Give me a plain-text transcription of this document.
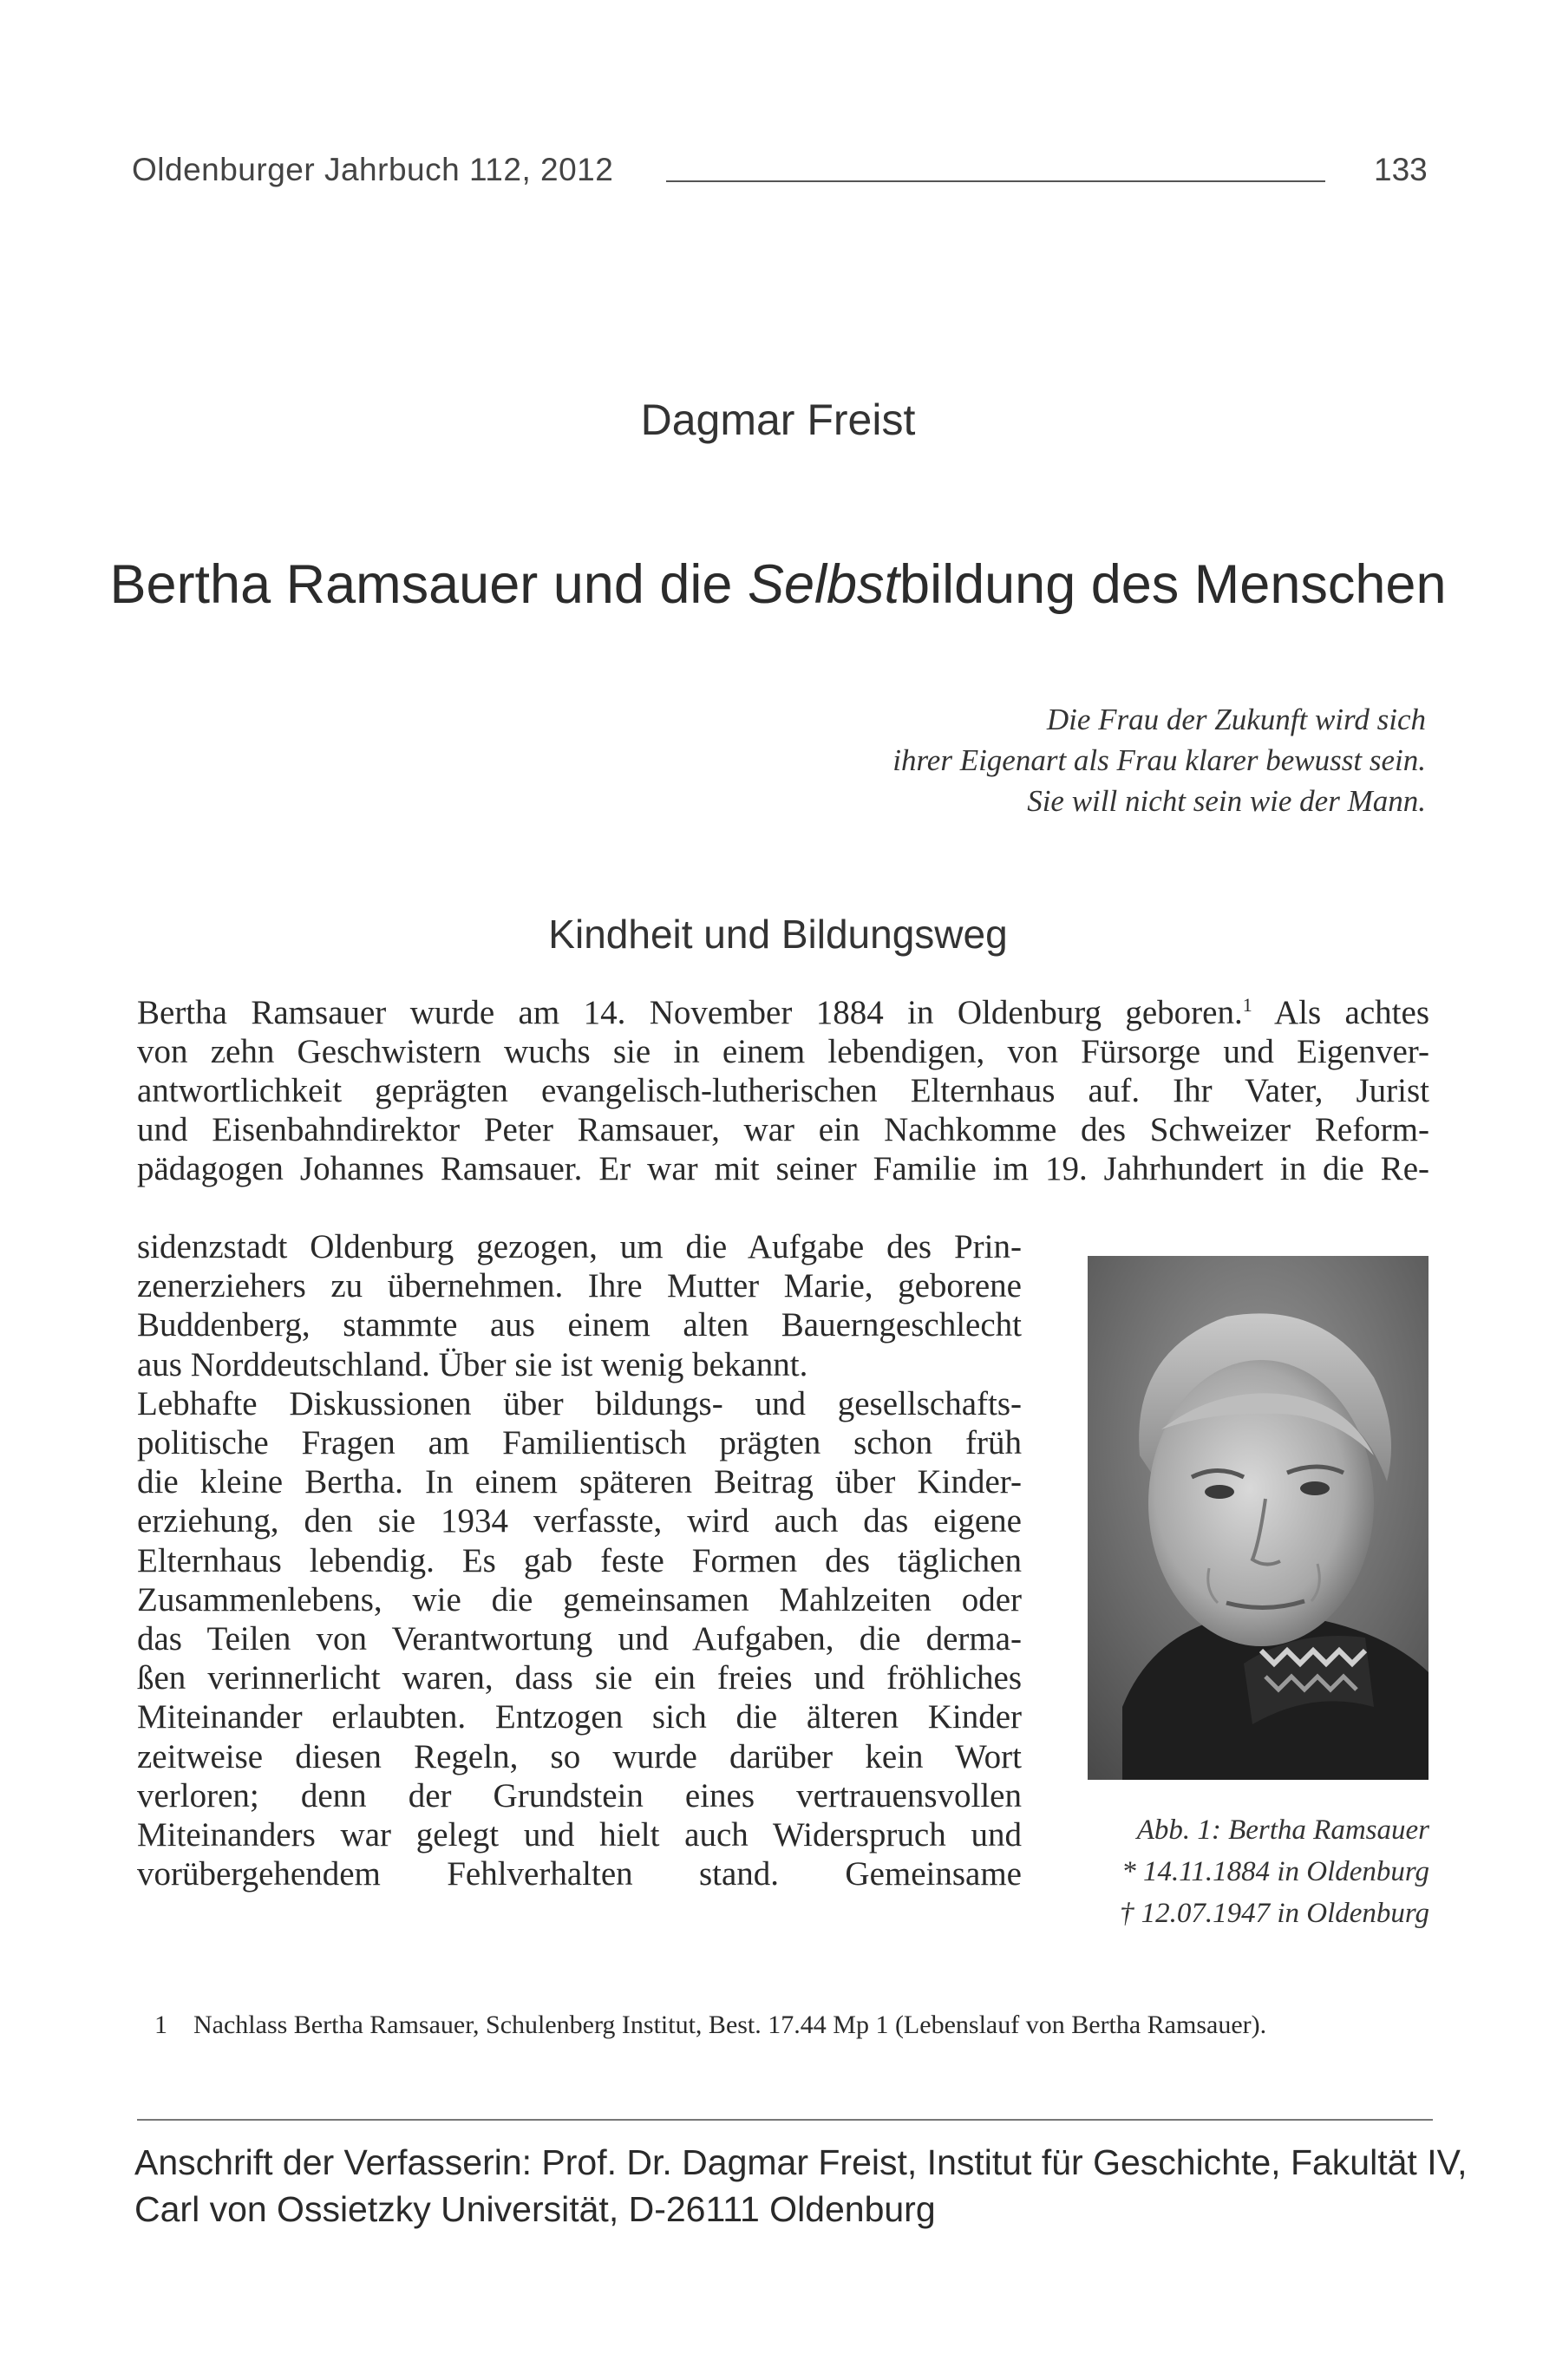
Oldenburger Jahrbuch 112, 2012	133
Dagmar Freist
Bertha Ramsauer und die Selbstbildung des Menschen
Die Frau der Zukunft wird sich
ihrer Eigenart als Frau klarer bewusst sein.
Sie will nicht sein wie der Mann.
Kindheit und Bildungsweg
Bertha Ramsauer wurde am 14. November 1884 in Oldenburg geboren.$^1$ Als achtes
von zehn Geschwistern wuchs sie in einem lebendigen, von Fürsorge und Eigenver-
antwortlichkeit geprägten evangelisch-lutherischen Elternhaus auf. Ihr Vater, Jurist
und Eisenbahndirektor Peter Ramsauer, war ein Nachkomme des Schweizer Reform-
pädagogen Johannes Ramsauer. Er war mit seiner Familie im 19. Jahrhundert in die Re-
sidenzstadt Oldenburg gezogen, um die Aufgabe des Prin-
zenerziehers zu übernehmen. Ihre Mutter Marie, geborene
Buddenberg, stammte aus einem alten Bauerngeschlecht
aus Norddeutschland. Über sie ist wenig bekannt.
Lebhafte Diskussionen über bildungs- und gesellschafts-
politische Fragen am Familientisch prägten schon früh
die kleine Bertha. In einem späteren Beitrag über Kinder-
erziehung, den sie 1934 verfasste, wird auch das eigene
Elternhaus lebendig. Es gab feste Formen des täglichen
Zusammenlebens, wie die gemeinsamen Mahlzeiten oder
das Teilen von Verantwortung und Aufgaben, die derma-
ßen verinnerlicht waren, dass sie ein freies und fröhliches
Miteinander erlaubten. Entzogen sich die älteren Kinder
zeitweise diesen Regeln, so wurde darüber kein Wort
verloren; denn der Grundstein eines vertrauensvollen
Miteinanders war gelegt und hielt auch Widerspruch und
vorübergehendem Fehlverhalten stand. Gemeinsame
Abb. 1: Bertha Ramsauer
* 14.11.1884 in Oldenburg
† 12.07.1947 in Oldenburg
1 Nachlass Bertha Ramsauer, Schulenberg Institut, Best. 17.44 Mp 1 (Lebenslauf von Bertha Ramsauer).
Anschrift der Verfasserin: Prof. Dr. Dagmar Freist, Institut für Geschichte, Fakultät IV,
Carl von Ossietzky Universität, D-26111 Oldenburg
